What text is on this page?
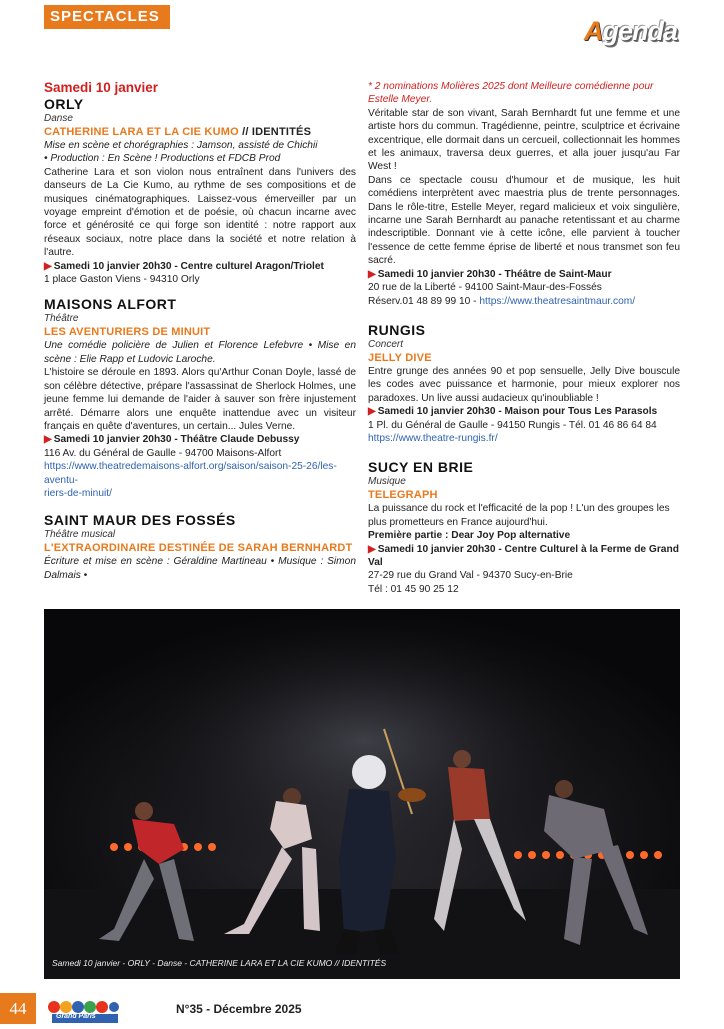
SPECTACLES	Agenda
Samedi 10 janvier
ORLY
Danse
CATHERINE LARA ET LA CIE KUMO // IDENTITÉS

Mise en scène et chorégraphies : Jamson, assisté de Chichii

• Production : En Scène ! Productions et FDCB Prod

Catherine Lara et son violon nous entraînent dans l'univers des danseurs de La Cie Kumo, au rythme de ses compositions et de musiques cinématographiques. Laissez-vous émerveiller par un voyage empreint d'émotion et de poésie, où chacun incarne avec force et générosité ce qui forge son identité : notre rapport aux réseaux sociaux, notre place dans la société et notre relation à l'autre.

▶ Samedi 10 janvier 20h30 - Centre culturel Aragon/Triolet

1 place Gaston Viens - 94310 Orly

MAISONS ALFORT
Théâtre
LES AVENTURIERS DE MINUIT

Une comédie policière de Julien et Florence Lefebvre • Mise en scène : Elie Rapp et Ludovic Laroche.

L'histoire se déroule en 1893. Alors qu'Arthur Conan Doyle, lassé de son célèbre détective, prépare l'assassinat de Sherlock Holmes, une jeune femme lui demande de l'aider à sauver son frère injustement arrêté. Démarre alors une enquête inattendue avec un visiteur français en quête d'aventures, un certain... Jules Verne.

▶ Samedi 10 janvier 20h30 - Théâtre Claude Debussy

116 Av. du Général de Gaulle - 94700 Maisons-Alfort

https://www.theatredemaisons-alfort.org/saison/saison-25-26/les-aventu-

riers-de-minuit/

SAINT MAUR DES FOSSÉS
Théâtre musical
L'EXTRAORDINAIRE DESTINÉE DE SARAH BERNHARDT

Écriture et mise en scène : Géraldine Martineau • Musique : Simon Dalmais •

* 2 nominations Molières 2025 dont Meilleure comédienne pour Estelle Meyer.

Véritable star de son vivant, Sarah Bernhardt fut une femme et une artiste hors du commun. Tragédienne, peintre, sculptrice et écrivaine excentrique, elle dormait dans un cercueil, collectionnait les hommes et les animaux, traversa deux guerres, et alla jouer jusqu'au Far West !

Dans ce spectacle cousu d'humour et de musique, les huit comédiens interprètent avec maestria plus de trente personnages. Dans le rôle-titre, Estelle Meyer, regard malicieux et voix singulière, incarne une Sarah Bernhardt au panache retentissant et au charme indescriptible. Donnant vie à cette icône, elle parvient à toucher l'essence de cette femme éprise de liberté et nous transmet son feu sacré.

▶ Samedi 10 janvier 20h30 - Théâtre de Saint-Maur

20 rue de la Liberté - 94100 Saint-Maur-des-Fossés

Réserv.01 48 89 99 10 - https://www.theatresaintmaur.com/

RUNGIS
Concert
JELLY DIVE

Entre grunge des années 90 et pop sensuelle, Jelly Dive bouscule les codes avec puissance et harmonie, pour mieux explorer nos paradoxes. Un live aussi audacieux qu'inoubliable !

▶ Samedi 10 janvier 20h30 - Maison pour Tous Les Parasols

1 Pl. du Général de Gaulle - 94150 Rungis - Tél. 01 46 86 64 84

https://www.theatre-rungis.fr/

SUCY EN BRIE
Musique
TELEGRAPH

La puissance du rock et l'efficacité de la pop ! L'un des groupes les plus prometteurs en France aujourd'hui.

Première partie : Dear Joy Pop alternative

▶ Samedi 10 janvier 20h30 - Centre Culturel à la Ferme de Grand Val

27-29 rue du Grand Val - 94370 Sucy-en-Brie

Tél : 01 45 90 25 12

Samedi 10 janvier - ORLY - Danse - CATHERINE LARA ET LA CIE KUMO // IDENTITÉS
44	Grand Paris
N°35 - Décembre 2025
